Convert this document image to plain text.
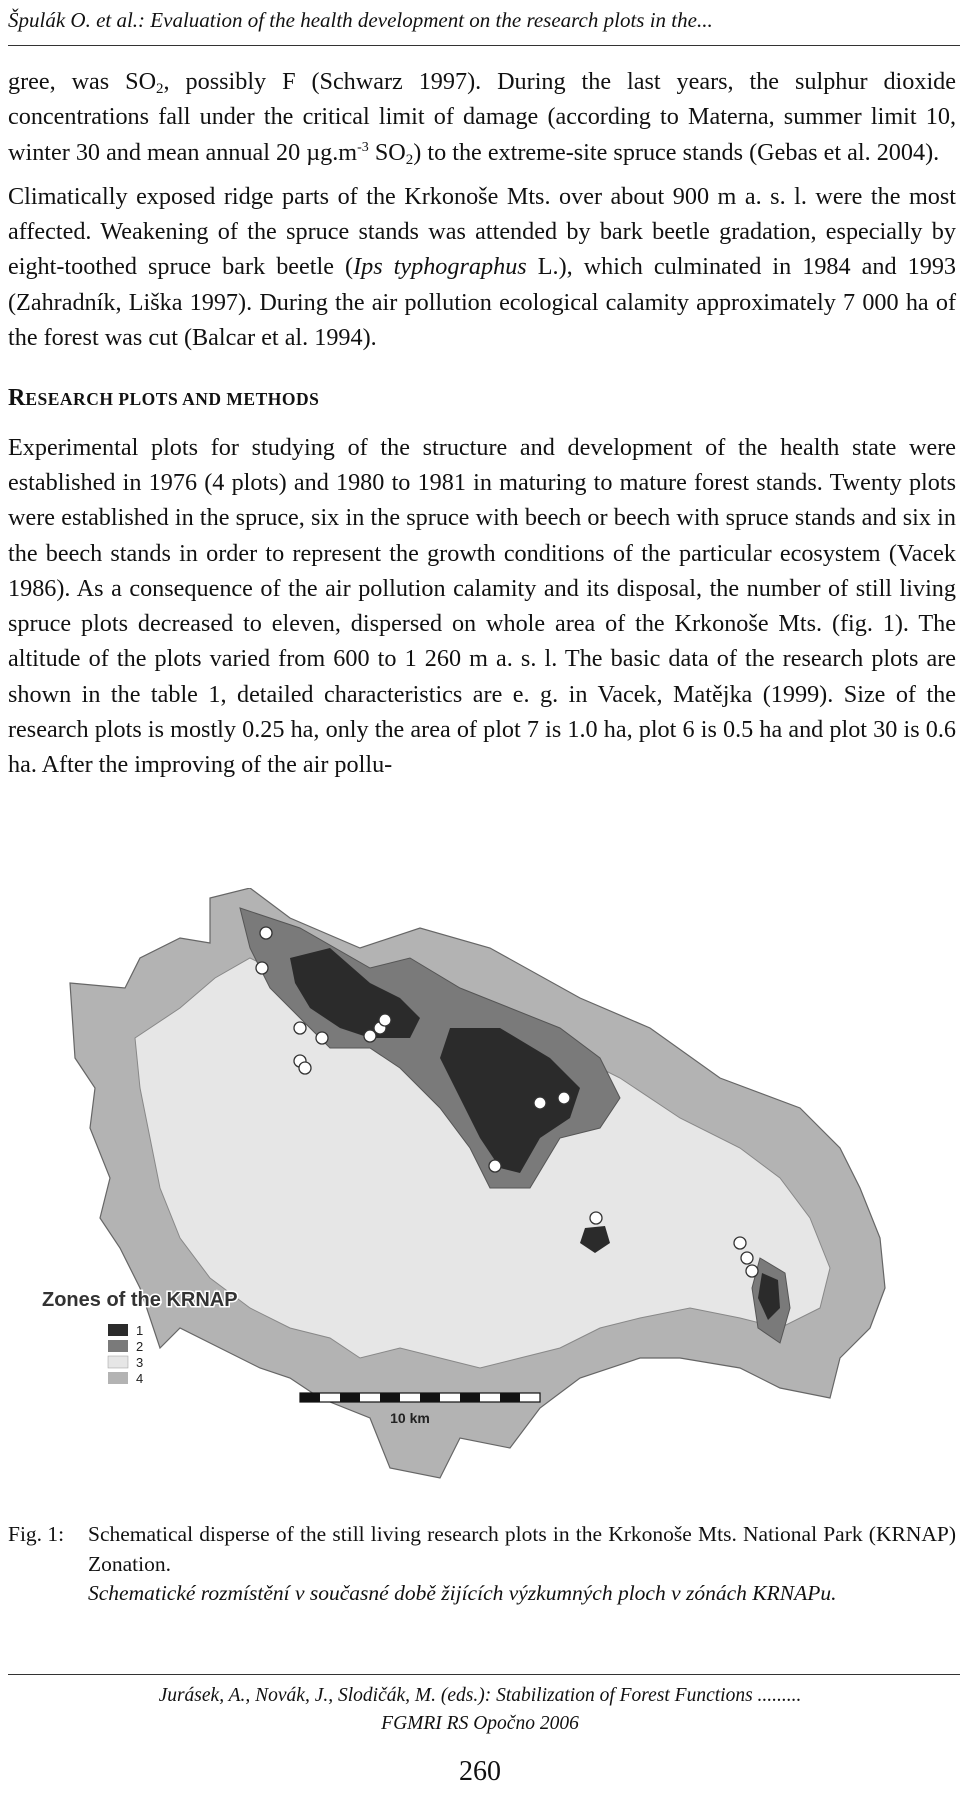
Špulák O. et al.: Evaluation of the health development on the research plots in the...

gree, was $SO_2$, possibly F (Schwarz 1997). During the last years, the sulphur dioxide concentrations fall under the critical limit of damage (according to Materna, summer limit 10, winter 30 and mean annual 20 $\mu g.m^{-3}$ $SO_2$) to the extreme-site spruce stands (Gebas et al. 2004).

Climatically exposed ridge parts of the Krkonoše Mts. over about 900 m a. s. l. were the most affected. Weakening of the spruce stands was attended by bark beetle gradation, especially by eight-toothed spruce bark beetle (Ips typhographus L.), which culminated in 1984 and 1993 (Zahradník, Liška 1997). During the air pollution ecological calamity approximately 7 000 ha of the forest was cut (Balcar et al. 1994).

RESEARCH PLOTS AND METHODS

Experimental plots for studying of the structure and development of the health state were established in 1976 (4 plots) and 1980 to 1981 in maturing to mature forest stands. Twenty plots were established in the spruce, six in the spruce with beech or beech with spruce stands and six in the beech stands in order to represent the growth conditions of the particular ecosystem (Vacek 1986). As a consequence of the air pollution calamity and its disposal, the number of still living spruce plots decreased to eleven, dispersed on whole area of the Krkonoše Mts. (fig. 1). The altitude of the plots varied from 600 to 1 260 m a. s. l. The basic data of the research plots are shown in the table 1, detailed characteristics are e. g. in Vacek, Matějka (1999). Size of the research plots is mostly 0.25 ha, only the area of plot 7 is 1.0 ha, plot 6 is 0.5 ha and plot 30 is 0.6 ha. After the improving of the air pollu-

Zones of the KRNAP
1
2
3
4
10 km
Fig. 1:	Schematical disperse of the still living research plots in the Krkonoše Mts. National Park (KRNAP) Zonation.
Schematické rozmístění v současné době žijících výzkumných ploch v zónách KRNAPu.
Jurásek, A., Novák, J., Slodičák, M. (eds.): Stabilization of Forest Functions .........
FGMRI RS Opočno 2006
260
